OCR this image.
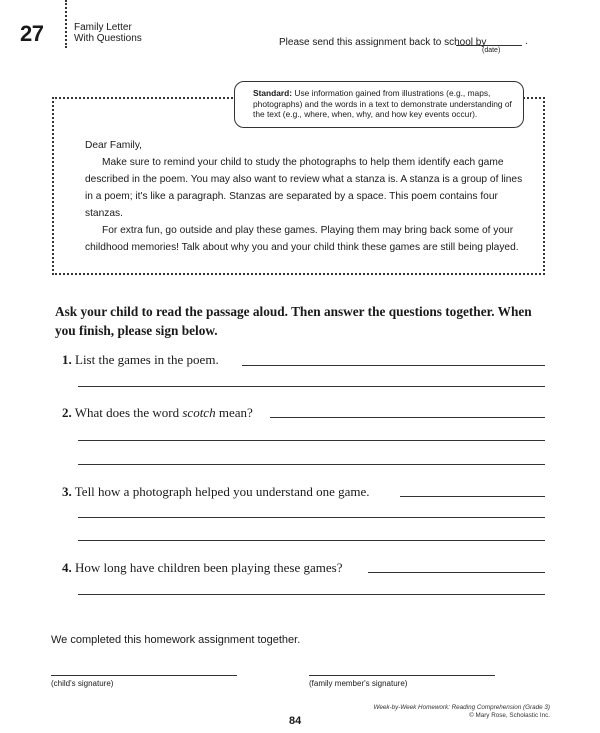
27	Family Letter
With Questions	Please send this assignment back to school by	.
(date)
Standard: Use information gained from illustrations (e.g., maps, photographs) and the words in a text to demonstrate understanding of the text (e.g., where, when, why, and how key events occur).

Dear Family,

Make sure to remind your child to study the photographs to help them identify each game described in the poem. You may also want to review what a stanza is. A stanza is a group of lines in a poem; it's like a paragraph. Stanzas are separated by a space. This poem contains four stanzas.

For extra fun, go outside and play these games. Playing them may bring back some of your childhood memories! Talk about why you and your child think these games are still being played.

Ask your child to read the passage aloud. Then answer the questions together. When you finish, please sign below.
1. List the games in the poem.
2. What does the word scotch mean?
3. Tell how a photograph helped you understand one game.
4. How long have children been playing these games?
We completed this homework assignment together.
(child's signature)	(family member's signature)
84
Week-by-Week Homework: Reading Comprehension (Grade 3)
© Mary Rose, Scholastic Inc.
